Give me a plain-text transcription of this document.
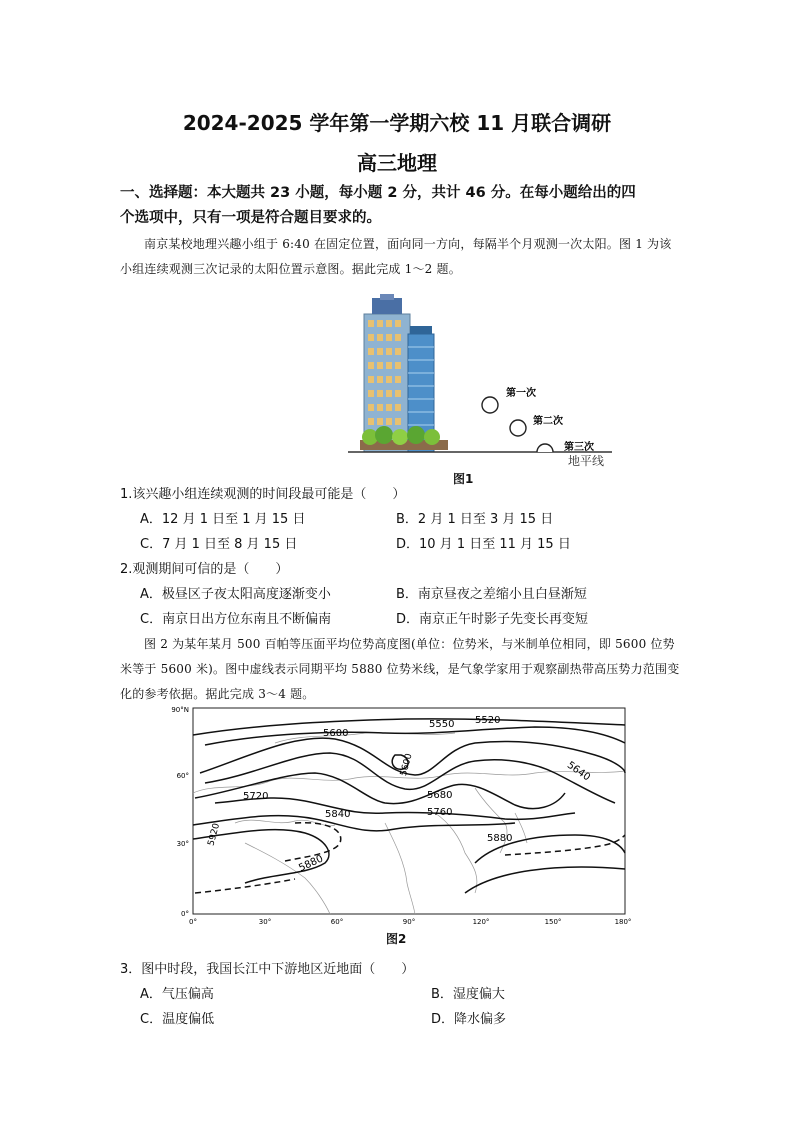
2024-2025 学年第一学期六校 11 月联合调研
高三地理
一、选择题：本大题共 23 小题，每小题 2 分，共计 46 分。在每小题给出的四
个选项中，只有一项是符合题目要求的。
南京某校地理兴趣小组于 6:40 在固定位置，面向同一方向，每隔半个月观测一次太阳。图 1 为该小组连续观测三次记录的太阳位置示意图。据此完成 1～2 题。
第一次
第二次
第三次
地平线
图1
1.该兴趣小组连续观测的时间段最可能是（　　）
A．12 月 1 日至 1 月 15 日	B．2 月 1 日至 3 月 15 日
C．7 月 1 日至 8 月 15 日	D．10 月 1 日至 11 月 15 日
2.观测期间可信的是（　　）
A．极昼区子夜太阳高度逐渐变小	B．南京昼夜之差缩小且白昼渐短
C．南京日出方位东南且不断偏南	D．南京正午时影子先变长再变短
图 2 为某年某月 500 百帕等压面平均位势高度图(单位：位势米，与米制单位相同，即 5600 位势米等于 5600 米)。图中虚线表示同期平均 5880 位势米线，是气象学家用于观察副热带高压势力范围变化的参考依据。据此完成 3～4 题。
90°N
60°
30°
0°
0°	30°	60°	90°	120°	150°	180°
5520
5550
5600
5600	5640
5680
5720
5760
5840
5880
5880
5920
图2
3．图中时段，我国长江中下游地区近地面（　　）
A．气压偏高	B．湿度偏大
C．温度偏低	D．降水偏多
